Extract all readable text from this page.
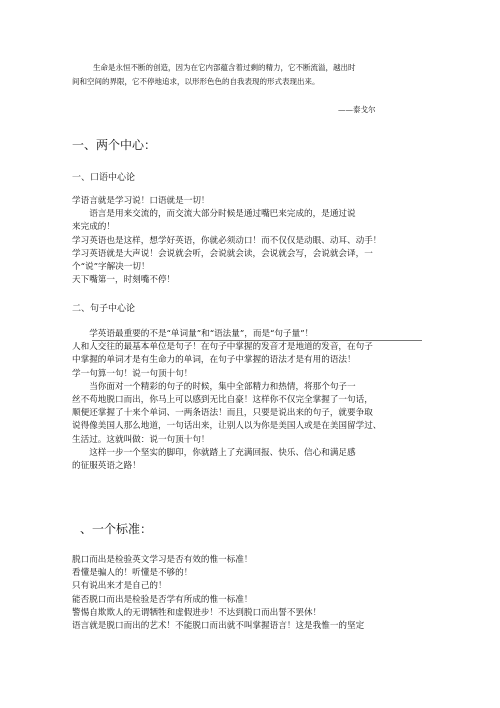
生命是永恒不断的创造，因为在它内部蕴含着过剩的精力，它不断流溢，越出时
间和空间的界限，它不停地追求，以形形色色的自我表现的形式表现出来。
——泰戈尔
一、两个中心：
一、口语中心论
学语言就是学习说！口语就是一切！
　　语言是用来交流的，而交流大部分时候是通过嘴巴来完成的，是通过说
来完成的！
学习英语也是这样，想学好英语，你就必须动口！而不仅仅是动眼、动耳、动手！
学习英语就是大声说！会说就会听，会说就会读，会说就会写，会说就会译，一
个“说”字解决一切！
天下嘴第一，时刻嘴不停！
二、句子中心论
　　学英语最重要的不是“单词量”和“语法量”，而是“句子量”！
人和人交往的最基本单位是句子！在句子中掌握的发音才是地道的发音，在句子
中掌握的单词才是有生命力的单词，在句子中掌握的语法才是有用的语法！
学一句算一句！说一句顶十句！
　　当你面对一个精彩的句子的时候，集中全部精力和热情，将那个句子一
丝不苟地脱口而出，你马上可以感到无比自豪！这样你不仅完全掌握了一句话，
顺便还掌握了十来个单词、一两条语法！而且，只要是说出来的句子，就要争取
说得像美国人那么地道，一句话出来，让别人以为你是美国人或是在美国留学过、
生活过。这就叫做：说一句顶十句！
　　这样一步一个坚实的脚印，你就踏上了充满回报、快乐、信心和满足感
的征服英语之路！
、一个标准：
脱口而出是检验英文学习是否有效的惟一标准！
看懂是骗人的！听懂是不够的！
只有说出来才是自己的！
能否脱口而出是检验是否学有所成的惟一标准！
警惕自欺欺人的无谓牺牲和虚假进步！不达到脱口而出誓不罢休！
语言就是脱口而出的艺术！不能脱口而出就不叫掌握语言！这是我惟一的坚定
